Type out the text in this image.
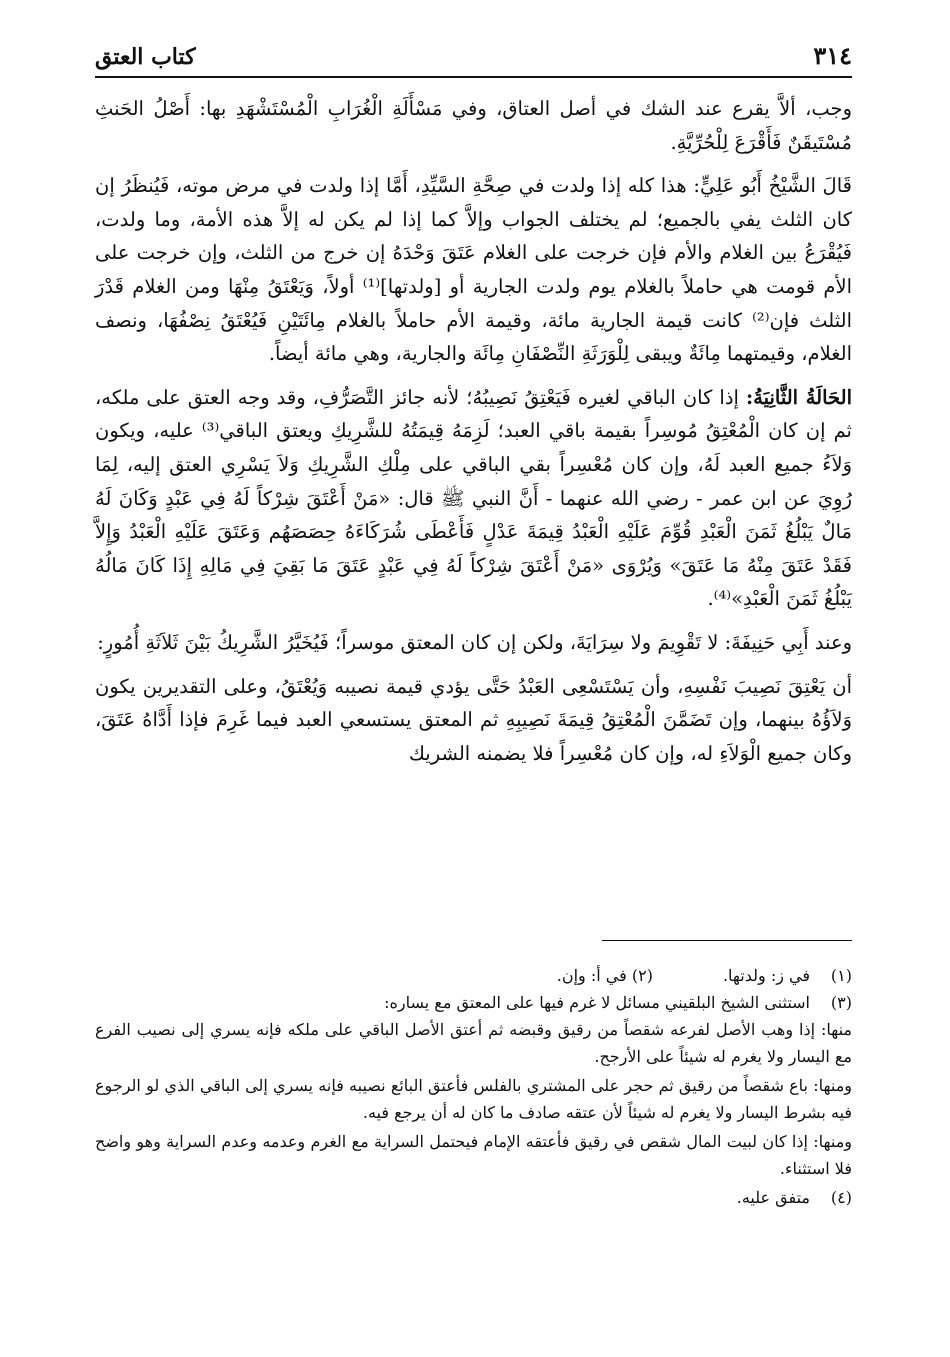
٣١٤
كتاب العتق

وجب، ألاَّ يقرع عند الشك في أصل العتاق، وفي مَسْأَلَةِ الْغُرَابِ الْمُسْتَشْهَدِ بها: أَصْلُ الحَنثِ مُسْتَيقَنٌ فَأَقْرَعَ لِلْحُرِّيَّةِ.

قَالَ الشَّيْخُ أَبُو عَلِيٍّ: هذا كله إذا ولدت في صِحَّةِ السَّيِّدِ، أَمَّا إذا ولدت في مرض موته، فَيُنظَرُ إن كان الثلث يفي بالجميع؛ لم يختلف الجواب وإلاَّ كما إذا لم يكن له إلاَّ هذه الأمة، وما ولدت، فَيُقْرَعُ بين الغلام والأم فإن خرجت على الغلام عَتَقَ وَحْدَهُ إن خرج من الثلث، وإن خرجت على الأم قومت هي حاملاً بالغلام يوم ولدت الجارية أو [ولدتها]⁽¹⁾ أولاً، وَيَعْتَقُ مِنْهَا ومن الغلام قَدْرَ الثلث فإن⁽²⁾ كانت قيمة الجارية مائة، وقيمة الأم حاملاً بالغلام مِائَتَيْنِ فَيُعْتَقُ نِصْفُهَا، ونصف الغلام، وقيمتهما مِائَةٌ ويبقى لِلْوَرَثَةِ النِّصْفَانِ مِائَة والجارية، وهي مائة أيضاً.

الحَالَةُ الثَّانِيَةُ: إذا كان الباقي لغيره فَيَعْتِقُ نَصِيبُهُ؛ لأنه جائز التَّصَرُّفِ، وقد وجه العتق على ملكه، ثم إن كان الْمُعْتِقُ مُوسِراً بقيمة باقي العبد؛ لَزِمَهُ قِيمَتُهُ للشَّرِيكِ ويعتق الباقي⁽³⁾ عليه، ويكون وَلاَءُ جميع العبد لَهُ، وإن كان مُعْسِراً بقي الباقي على مِلْكِ الشَّرِيكِ وَلاَ يَسْرِي العتق إليه، لِمَا رُوِيَ عن ابن عمر - رضي الله عنهما - أَنَّ النبي ﷺ قال: «مَنْ أَعْتَقَ شِرْكاً لَهُ فِي عَبْدٍ وَكَانَ لَهُ مَالٌ يَبْلُغُ ثَمَنَ الْعَبْدِ قُوِّمَ عَلَيْهِ الْعَبْدُ قِيمَةَ عَدْلٍ فَأَعْطَى شُرَكَاءَهُ حِصَصَهُم وَعَتَقَ عَلَيْهِ الْعَبْدُ وَإِلاَّ فَقَدْ عَتَقَ مِنْهُ مَا عَتَقَ» وَيُرْوَى «مَنْ أَعْتَقَ شِرْكاً لَهُ فِي عَبْدٍ عَتَقَ مَا بَقِيَ فِي مَالِهِ إِذَا كَانَ مَالُهُ يَبْلُغُ ثَمَنَ الْعَبْدِ»⁽⁴⁾.

وعند أَبِي حَنِيفَةَ: لا تَقْوِيمَ ولا سِرَايَةَ، ولكن إن كان المعتق موسراً؛ فَيُخَيَّرُ الشَّرِيكُ بَيْنَ ثَلاَثَةِ أُمُورٍ:

أن يَعْتِقَ نَصِيبَ نَفْسِهِ، وأن يَسْتَسْعِى العَبْدُ حَتَّى يؤدي قيمة نصيبه وَيُعْتَقُ، وعلى التقديرين يكون وَلاَؤُهُ بينهما، وإن تَضَمَّنَ الْمُعْتِقُ قِيمَةَ نَصِيبِهِ ثم المعتق يستسعي العبد فيما غَرِمَ فإذا أَدَّاهُ عَتَقَ، وكان جميع الْوَلاَءِ له، وإن كان مُعْسِراً فلا يضمنه الشريك

(١)
في ز: ولدتها.
(٢) في أ: وإن.
(٣)
استثنى الشيخ البلقيني مسائل لا غرم فيها على المعتق مع يساره:
منها: إذا وهب الأصل لفرعه شقصاً من رقيق وقبضه ثم أعتق الأصل الباقي على ملكه فإنه يسري إلى نصيب الفرع مع اليسار ولا يغرم له شيئاً على الأرجح.
ومنها: باع شقصاً من رقيق ثم حجر على المشتري بالفلس فأعتق البائع نصيبه فإنه يسري إلى الباقي الذي لو الرجوع فيه بشرط اليسار ولا يغرم له شيئاً لأن عتقه صادف ما كان له أن يرجع فيه.
ومنها: إذا كان لبيت المال شقص في رقيق فأعتقه الإمام فيحتمل السراية مع الغرم وعدمه وعدم السراية وهو واضح فلا استثناء.
(٤)
متفق عليه.
